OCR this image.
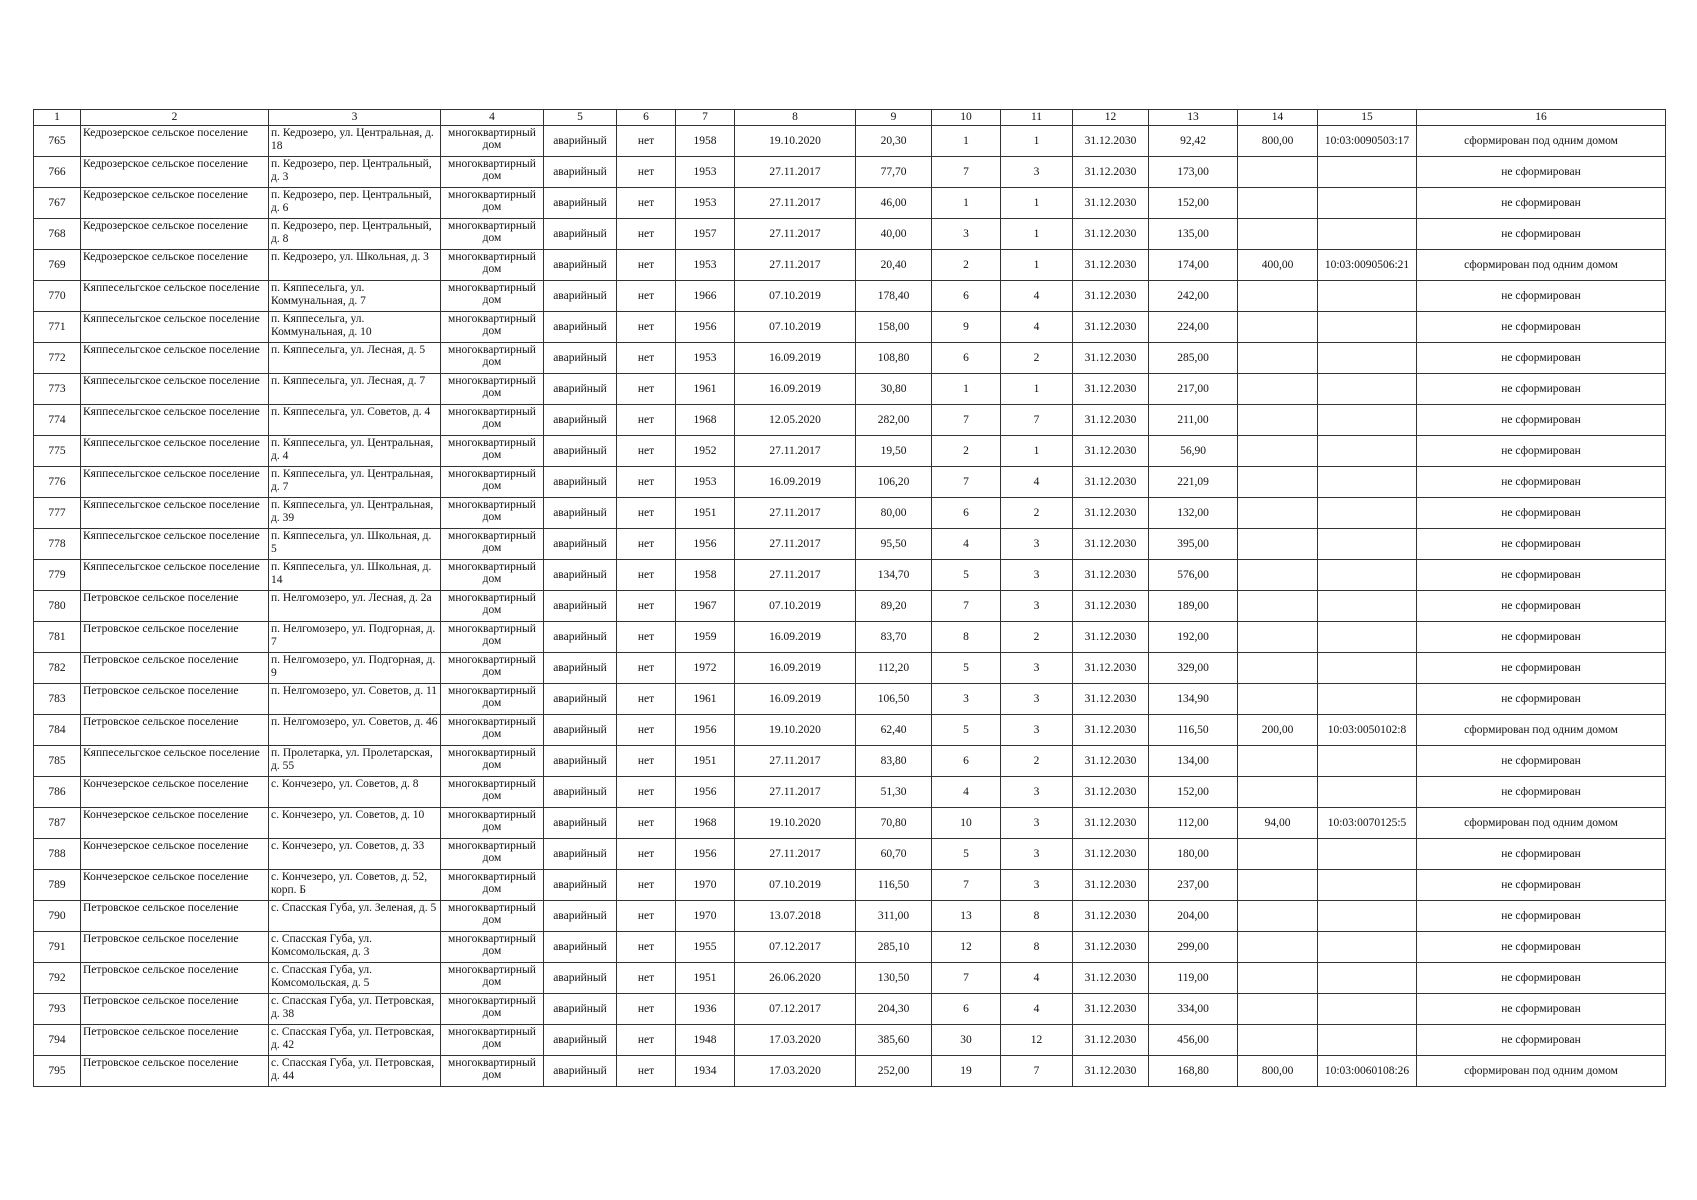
1	2	3	4	5	6	7	8	9	10	11	12	13	14	15	16
765	Кедрозерское сельское поселение	п. Кедрозеро, ул. Центральная, д. 18	многоквартирный дом	аварийный	нет	1958	19.10.2020	20,30	1	1	31.12.2030	92,42	800,00	10:03:0090503:17	сформирован под одним домом
766	Кедрозерское сельское поселение	п. Кедрозеро, пер. Центральный, д. 3	многоквартирный дом	аварийный	нет	1953	27.11.2017	77,70	7	3	31.12.2030	173,00			не сформирован
767	Кедрозерское сельское поселение	п. Кедрозеро, пер. Центральный, д. 6	многоквартирный дом	аварийный	нет	1953	27.11.2017	46,00	1	1	31.12.2030	152,00			не сформирован
768	Кедрозерское сельское поселение	п. Кедрозеро, пер. Центральный, д. 8	многоквартирный дом	аварийный	нет	1957	27.11.2017	40,00	3	1	31.12.2030	135,00			не сформирован
769	Кедрозерское сельское поселение	п. Кедрозеро, ул. Школьная, д. 3	многоквартирный дом	аварийный	нет	1953	27.11.2017	20,40	2	1	31.12.2030	174,00	400,00	10:03:0090506:21	сформирован под одним домом
770	Кяппесельгское сельское поселение	п. Кяппесельга, ул. Коммунальная, д. 7	многоквартирный дом	аварийный	нет	1966	07.10.2019	178,40	6	4	31.12.2030	242,00			не сформирован
771	Кяппесельгское сельское поселение	п. Кяппесельга, ул. Коммунальная, д. 10	многоквартирный дом	аварийный	нет	1956	07.10.2019	158,00	9	4	31.12.2030	224,00			не сформирован
772	Кяппесельгское сельское поселение	п. Кяппесельга, ул. Лесная, д. 5	многоквартирный дом	аварийный	нет	1953	16.09.2019	108,80	6	2	31.12.2030	285,00			не сформирован
773	Кяппесельгское сельское поселение	п. Кяппесельга, ул. Лесная, д. 7	многоквартирный дом	аварийный	нет	1961	16.09.2019	30,80	1	1	31.12.2030	217,00			не сформирован
774	Кяппесельгское сельское поселение	п. Кяппесельга, ул. Советов, д. 4	многоквартирный дом	аварийный	нет	1968	12.05.2020	282,00	7	7	31.12.2030	211,00			не сформирован
775	Кяппесельгское сельское поселение	п. Кяппесельга, ул. Центральная, д. 4	многоквартирный дом	аварийный	нет	1952	27.11.2017	19,50	2	1	31.12.2030	56,90			не сформирован
776	Кяппесельгское сельское поселение	п. Кяппесельга, ул. Центральная, д. 7	многоквартирный дом	аварийный	нет	1953	16.09.2019	106,20	7	4	31.12.2030	221,09			не сформирован
777	Кяппесельгское сельское поселение	п. Кяппесельга, ул. Центральная, д. 39	многоквартирный дом	аварийный	нет	1951	27.11.2017	80,00	6	2	31.12.2030	132,00			не сформирован
778	Кяппесельгское сельское поселение	п. Кяппесельга, ул. Школьная, д. 5	многоквартирный дом	аварийный	нет	1956	27.11.2017	95,50	4	3	31.12.2030	395,00			не сформирован
779	Кяппесельгское сельское поселение	п. Кяппесельга, ул. Школьная, д. 14	многоквартирный дом	аварийный	нет	1958	27.11.2017	134,70	5	3	31.12.2030	576,00			не сформирован
780	Петровское сельское поселение	п. Нелгомозеро, ул. Лесная, д. 2а	многоквартирный дом	аварийный	нет	1967	07.10.2019	89,20	7	3	31.12.2030	189,00			не сформирован
781	Петровское сельское поселение	п. Нелгомозеро, ул. Подгорная, д. 7	многоквартирный дом	аварийный	нет	1959	16.09.2019	83,70	8	2	31.12.2030	192,00			не сформирован
782	Петровское сельское поселение	п. Нелгомозеро, ул. Подгорная, д. 9	многоквартирный дом	аварийный	нет	1972	16.09.2019	112,20	5	3	31.12.2030	329,00			не сформирован
783	Петровское сельское поселение	п. Нелгомозеро, ул. Советов, д. 11	многоквартирный дом	аварийный	нет	1961	16.09.2019	106,50	3	3	31.12.2030	134,90			не сформирован
784	Петровское сельское поселение	п. Нелгомозеро, ул. Советов, д. 46	многоквартирный дом	аварийный	нет	1956	19.10.2020	62,40	5	3	31.12.2030	116,50	200,00	10:03:0050102:8	сформирован под одним домом
785	Кяппесельгское сельское поселение	п. Пролетарка, ул. Пролетарская, д. 55	многоквартирный дом	аварийный	нет	1951	27.11.2017	83,80	6	2	31.12.2030	134,00			не сформирован
786	Кончезерское сельское поселение	с. Кончезеро, ул. Советов, д. 8	многоквартирный дом	аварийный	нет	1956	27.11.2017	51,30	4	3	31.12.2030	152,00			не сформирован
787	Кончезерское сельское поселение	с. Кончезеро, ул. Советов, д. 10	многоквартирный дом	аварийный	нет	1968	19.10.2020	70,80	10	3	31.12.2030	112,00	94,00	10:03:0070125:5	сформирован под одним домом
788	Кончезерское сельское поселение	с. Кончезеро, ул. Советов, д. 33	многоквартирный дом	аварийный	нет	1956	27.11.2017	60,70	5	3	31.12.2030	180,00			не сформирован
789	Кончезерское сельское поселение	с. Кончезеро, ул. Советов, д. 52, корп. Б	многоквартирный дом	аварийный	нет	1970	07.10.2019	116,50	7	3	31.12.2030	237,00			не сформирован
790	Петровское сельское поселение	с. Спасская Губа, ул. Зеленая, д. 5	многоквартирный дом	аварийный	нет	1970	13.07.2018	311,00	13	8	31.12.2030	204,00			не сформирован
791	Петровское сельское поселение	с. Спасская Губа, ул. Комсомольская, д. 3	многоквартирный дом	аварийный	нет	1955	07.12.2017	285,10	12	8	31.12.2030	299,00			не сформирован
792	Петровское сельское поселение	с. Спасская Губа, ул. Комсомольская, д. 5	многоквартирный дом	аварийный	нет	1951	26.06.2020	130,50	7	4	31.12.2030	119,00			не сформирован
793	Петровское сельское поселение	с. Спасская Губа, ул. Петровская, д. 38	многоквартирный дом	аварийный	нет	1936	07.12.2017	204,30	6	4	31.12.2030	334,00			не сформирован
794	Петровское сельское поселение	с. Спасская Губа, ул. Петровская, д. 42	многоквартирный дом	аварийный	нет	1948	17.03.2020	385,60	30	12	31.12.2030	456,00			не сформирован
795	Петровское сельское поселение	с. Спасская Губа, ул. Петровская, д. 44	многоквартирный дом	аварийный	нет	1934	17.03.2020	252,00	19	7	31.12.2030	168,80	800,00	10:03:0060108:26	сформирован под одним домом
